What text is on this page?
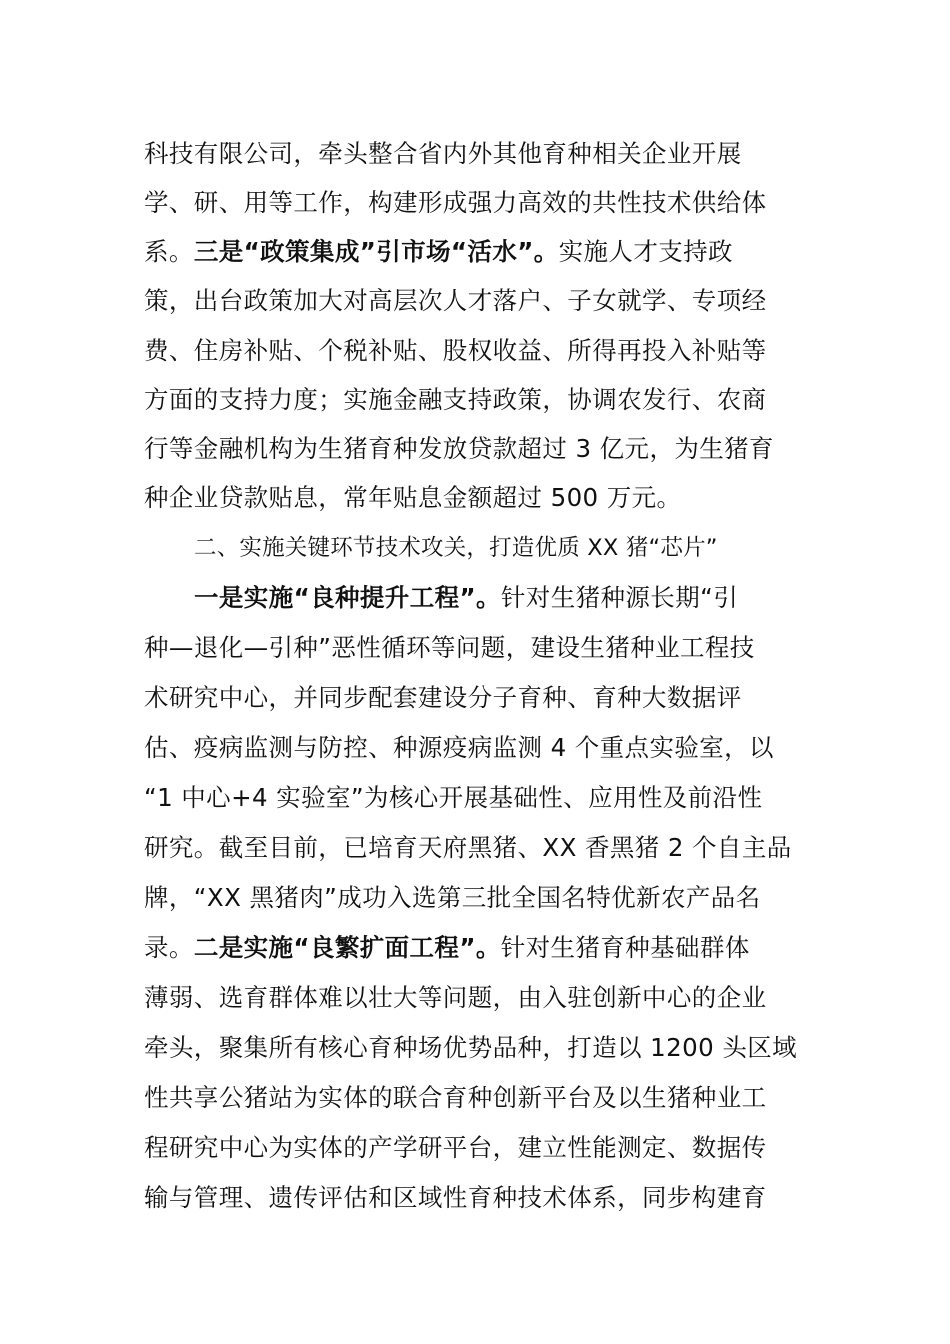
科技有限公司，牵头整合省内外其他育种相关企业开展
学、研、用等工作，构建形成强力高效的共性技术供给体
系。三是“政策集成”引市场“活水”。实施人才支持政
策，出台政策加大对高层次人才落户、子女就学、专项经
费、住房补贴、个税补贴、股权收益、所得再投入补贴等
方面的支持力度；实施金融支持政策，协调农发行、农商
行等金融机构为生猪育种发放贷款超过 3 亿元，为生猪育
种企业贷款贴息，常年贴息金额超过 500 万元。
二、实施关键环节技术攻关，打造优质 XX 猪“芯片”
一是实施“良种提升工程”。针对生猪种源长期“引
种—退化—引种”恶性循环等问题，建设生猪种业工程技
术研究中心，并同步配套建设分子育种、育种大数据评
估、疫病监测与防控、种源疫病监测 4 个重点实验室，以
“1 中心+4 实验室”为核心开展基础性、应用性及前沿性
研究。截至目前，已培育天府黑猪、XX 香黑猪 2 个自主品
牌，“XX 黑猪肉”成功入选第三批全国名特优新农产品名
录。二是实施“良繁扩面工程”。针对生猪育种基础群体
薄弱、选育群体难以壮大等问题，由入驻创新中心的企业
牵头，聚集所有核心育种场优势品种，打造以 1200 头区域
性共享公猪站为实体的联合育种创新平台及以生猪种业工
程研究中心为实体的产学研平台，建立性能测定、数据传
输与管理、遗传评估和区域性育种技术体系，同步构建育
